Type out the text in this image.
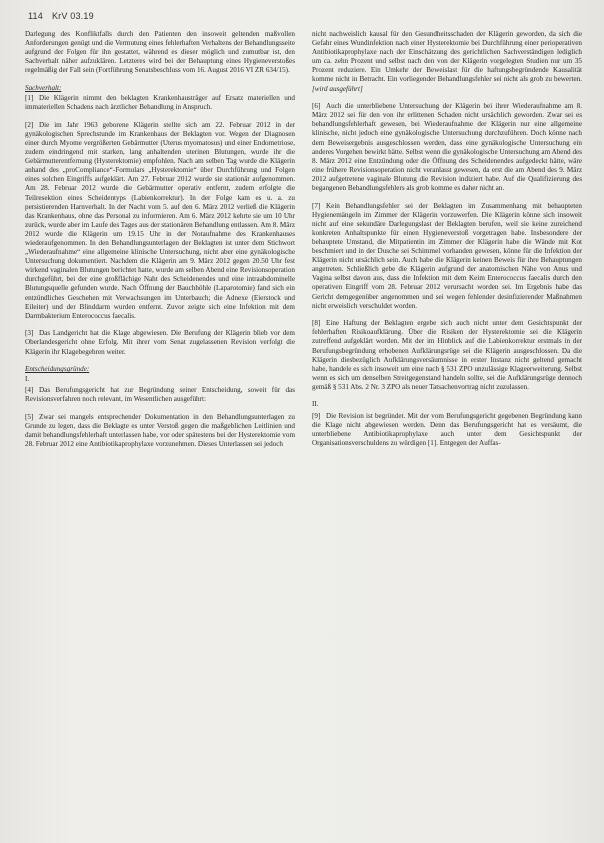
114 KrV 03.19

Darlegung des Konfliktfalls durch den Patienten den insoweit geltenden maßvollen Anforderungen genügt und die Vermutung eines fehlerhaften Verhaltens der Behandlungsseite aufgrund der Folgen für ihn gestattet, während es dieser möglich und zumutbar ist, den Sachverhalt näher aufzuklären. Letzteres wird bei der Behauptung eines Hygieneverstoßes regelmäßig der Fall sein (Fortführung Senatsbeschluss vom 16. August 2016 VI ZR 634/15).

Sachverhalt:

[1] Die Klägerin nimmt den beklagten Krankenhausträger auf Ersatz materiellen und immateriellen Schadens nach ärztlicher Behandlung in Anspruch.

[2] Die im Jahr 1963 geborene Klägerin stellte sich am 22. Februar 2012 in der gynäkologischen Sprechstunde im Krankenhaus der Beklagten vor. Wegen der Diagnosen einer durch Myome vergrößerten Gebärmutter (Uterus myomatosus) und einer Endometriose, zudem eindringend mit starken, lang anhaltenden uterinen Blutungen, wurde ihr die Gebärmutterentfernung (Hysterektomie) empfohlen. Nach am selben Tag wurde die Klägerin anhand des „proCompliance“-Formulars „Hysterektomie“ über Durchführung und Folgen eines solchen Eingriffs aufgeklärt. Am 27. Februar 2012 wurde sie stationär aufgenommen. Am 28. Februar 2012 wurde die Gebärmutter operativ entfernt, zudem erfolgte die Teilresektion eines Scheidentyps (Labienkorrektur). In der Folge kam es u. a. zu persistierenden Harnverhalt. In der Nacht vom 5. auf den 6. März 2012 verließ die Klägerin das Krankenhaus, ohne das Personal zu informieren. Am 6. März 2012 kehrte sie um 10 Uhr zurück, wurde aber im Laufe des Tages aus der stationären Behandlung entlassen. Am 8. März 2012 wurde die Klägerin um 19.15 Uhr in der Notaufnahme des Krankenhauses wiederaufgenommen. In den Behandlungsunterlagen der Beklagten ist unter dem Stichwort „Wiederaufnahme“ eine allgemeine klinische Untersuchung, nicht aber eine gynäkologische Untersuchung dokumentiert. Nachdem die Klägerin am 9. März 2012 gegen 20.50 Uhr fest wirkend vaginalen Blutungen berichtet hatte, wurde am selben Abend eine Revisionsoperation durchgeführt, bei der eine großflächige Naht des Scheidenendes und eine intraabdominelle Blutungsquelle gefunden wurde. Nach Öffnung der Bauchhöhle (Laparotomie) fand sich ein entzündliches Geschehen mit Verwachsungen im Unterbauch; die Adnexe (Eierstock und Eileiter) und der Blinddarm wurden entfernt. Zuvor zeigte sich eine Infektion mit dem Darmbakterium Enterococcus faecalis.

[3] Das Landgericht hat die Klage abgewiesen. Die Berufung der Klägerin blieb vor dem Oberlandesgericht ohne Erfolg. Mit ihrer vom Senat zugelassenen Revision verfolgt die Klägerin ihr Klagebegehren weiter.

Entscheidungsgründe:
I.

[4] Das Berufungsgericht hat zur Begründung seiner Entscheidung, soweit für das Revisionsverfahren noch relevant, im Wesentlichen ausgeführt:

[5] Zwar sei mangels entsprechender Dokumentation in den Behandlungsunterlagen zu Grunde zu legen, dass die Beklagte es unter Verstoß gegen die maßgeblichen Leitlinien und damit behandlungsfehlerhaft unterlassen habe, vor oder spätestens bei der Hysterektomie vom 28. Februar 2012 eine Antibiotikaprophylaxe vorzunehmen. Dieses Unterlassen sei jedoch

nicht nachweislich kausal für den Gesundheitsschaden der Klägerin geworden, da sich die Gefahr eines Wundinfektion nach einer Hysterektomie bei Durchführung einer perioperativen Antibiotikaprophylaxe nach der Einschätzung des gerichtlichen Sachverständigen lediglich um ca. zehn Prozent und selbst nach den von der Klägerin vorgelegten Studien nur um 35 Prozent reduziere. Ein Umkehr der Beweislast für die haftungsbegründende Kausalität komme nicht in Betracht. Ein vorliegender Behandlungsfehler sei nicht als grob zu bewerten. [wird ausgeführt]

[6] Auch die unterbliebene Untersuchung der Klägerin bei ihrer Wiederaufnahme am 8. März 2012 sei für den von ihr erlittenen Schaden nicht ursächlich geworden. Zwar sei es behandlungsfehlerhaft gewesen, bei Wiederaufnahme der Klägerin nur eine allgemeine klinische, nicht jedoch eine gynäkologische Untersuchung durchzuführen. Doch könne nach dem Beweisergebnis ausgeschlossen werden, dass eine gynäkologische Untersuchung ein anderes Vorgehen bewirkt hätte. Selbst wenn die gynäkologische Untersuchung am Abend des 8. März 2012 eine Entzündung oder die Öffnung des Scheidenendes aufgedeckt hätte, wäre eine frühere Revisionsoperation nicht veranlasst gewesen, da erst die am Abend des 9. März 2012 aufgetretene vaginale Blutung die Revision indiziert habe. Auf die Qualifizierung des begangenen Behandlungsfehlers als grob komme es daher nicht an.

[7] Kein Behandlungsfehler sei der Beklagten im Zusammenhang mit behaupteten Hygienemängeln im Zimmer der Klägerin vorzuwerfen. Die Klägerin könne sich insoweit nicht auf eine sekundäre Darlegungslast der Beklagten berufen, weil sie keine zureichend konkreten Anhaltspunkte für einen Hygieneverstoß vorgetragen habe. Insbesondere der behauptete Umstand, die Mitpatientin im Zimmer der Klägerin habe die Wände mit Kot beschmiert und in der Dusche sei Schimmel vorhanden gewesen, könne für die Infektion der Klägerin nicht ursächlich sein. Auch habe die Klägerin keinen Beweis für ihre Behauptungen angetreten. Schließlich gebe die Klägerin aufgrund der anatomischen Nähe von Anus und Vagina selbst davon aus, dass die Infektion mit dem Keim Enterococcus faecalis durch den operativen Eingriff vom 28. Februar 2012 verursacht worden sei. Im Ergebnis habe das Gericht demgegenüber angenommen und sei wegen fehlender desinfizierender Maßnahmen nicht erweislich verschuldet worden.

[8] Eine Haftung der Beklagten ergebe sich auch nicht unter dem Gesichtspunkt der fehlerhaften Risikoaufklärung. Über die Risiken der Hysterektomie sei die Klägerin zutreffend aufgeklärt worden. Mit der im Hinblick auf die Labienkorrektur erstmals in der Berufungsbegründung erhobenen Aufklärungsrüge sei die Klägerin ausgeschlossen. Da die Klägerin diesbezüglich Aufklärungsversäumnisse in erster Instanz nicht geltend gemacht habe, handele es sich insoweit um eine nach § 531 ZPO unzulässige Klageerweiterung. Selbst wenn es sich um denselben Streitgegenstand handeln sollte, sei die Aufklärungsrüge dennoch gemäß § 531 Abs. 2 Nr. 3 ZPO als neuer Tatsachenvortrag nicht zuzulassen.

II.

[9] Die Revision ist begründet. Mit der vom Berufungsgericht gegebenen Begründung kann die Klage nicht abgewiesen werden. Denn das Berufungsgericht hat es versäumt, die unterbliebene Antibiotikaprophylaxe auch unter dem Gesichtspunkt der Organisationsverschuldens zu würdigen [1]. Entgegen der Auffas-
